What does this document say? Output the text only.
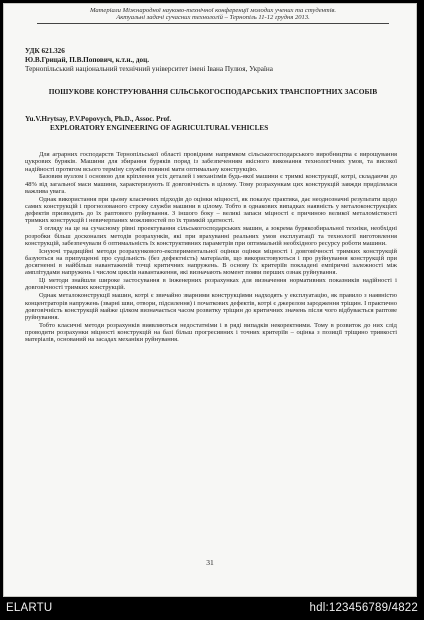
Матеріали Міжнародної науково-технічної конференції молодих учених та студентів.
Актуальні задачі сучасних технологій – Тернопіль 11-12 грудня 2013.
УДК 621.326
Ю.В.Грицай, П.В.Попович, к.т.н., доц.
Тернопільський національний технічний університет імені Івана Пулюя, Україна
ПОШУКОВЕ КОНСТРУЮВАННЯ СІЛЬСЬКОГОСПОДАРСЬКИХ ТРАНСПОРТНИХ ЗАСОБІВ
Yu.V.Hrytsay, P.V.Popovych, Ph.D., Assoc. Prof.
EXPLORATORY ENGINEERING OF AGRICULTURAL VEHICLES

Для аграрних господарств Тернопільської області провідним напрямком сільськогосподарського виробництва є вирощування цукрових буряків. Машини для збирання буряків поряд із забезпеченням якісного виконання технологічних умов, та високої надійності протягом всього терміну служби повинні мати оптимальну конструкцію.

Базовим вузлом і основою для кріплення усіх деталей і механізмів будь-якої машини є тримкі конструкції, котрі, складаючи до 48% від загальної маси машини, характеризують її довговічність в цілому. Тому розрахункам цих конструкцій завжди приділялася важлива увага.

Однак використання при цьому класичних підходів до оцінки міцності, як показує практика, дає неоднозначні результати щодо самих конструкцій і прогнозованого строку служби машини в цілому. Тобто в однакових випадках наявність у металоконструкціях дефектів призводить до їх раптового руйнування. З іншого боку – великі запаси міцності є причиною великої металомісткості тримких конструкцій і невичерпаних можливостей по їх тримкій здатності.

З огляду на це на сучасному рівні проектування сільськогосподарських машин, а зокрема бурякозбиральної техніки, необхідні розробки більш досконалих методів розрахунків, які при врахуванні реальних умов експлуатації та технології виготовлення конструкцій, забезпечували б оптимальність їх конструктивних параметрів при оптимальній необхідного ресурсу роботи машини.

Існуючі традиційні методи розрахункового-експериментальної оцінки оцінки міцності і довговічності тримких конструкцій базуються на припущенні про суцільність (без дефектність) матеріалів, що використовуються і про руйнування конструкцій при досягненні в найбільш навантаженій точці критичних напружень. В основу їх критеріїв покладені емпіричні залежності між амплітудами напружень і числом циклів навантаження, які визначають момент появи перших ознак руйнування.

Ці методи знайшли широке застосування в інженерних розрахунках для визначення нормативних показників надійності і довговічності тримких конструкцій.

Однак металоконструкції машин, котрі є звичайно зварними конструкціями надходять у експлуатацію, як правило з наявністю концентраторів напружень (зварні шви, отвори, підсилення) і початкових дефектів, котрі є джерелом зародження тріщин. І практично довговічність конструкцій майже цілком визначається часом розвитку тріщин до критичних значень після чого відбувається раптове руйнування.

Тобто класичні методи розрахунків виявляються недостатніми і в ряді випадків некоректними. Тому в розвиток до них слід проводити розрахунки міцності конструкцій на базі більш прогресивних і точних критеріїв – оцінка з позиції тріщино тривкості матеріалів, оснований на засадах механіки руйнування.

31
ELARTU	hdl:123456789/4822
